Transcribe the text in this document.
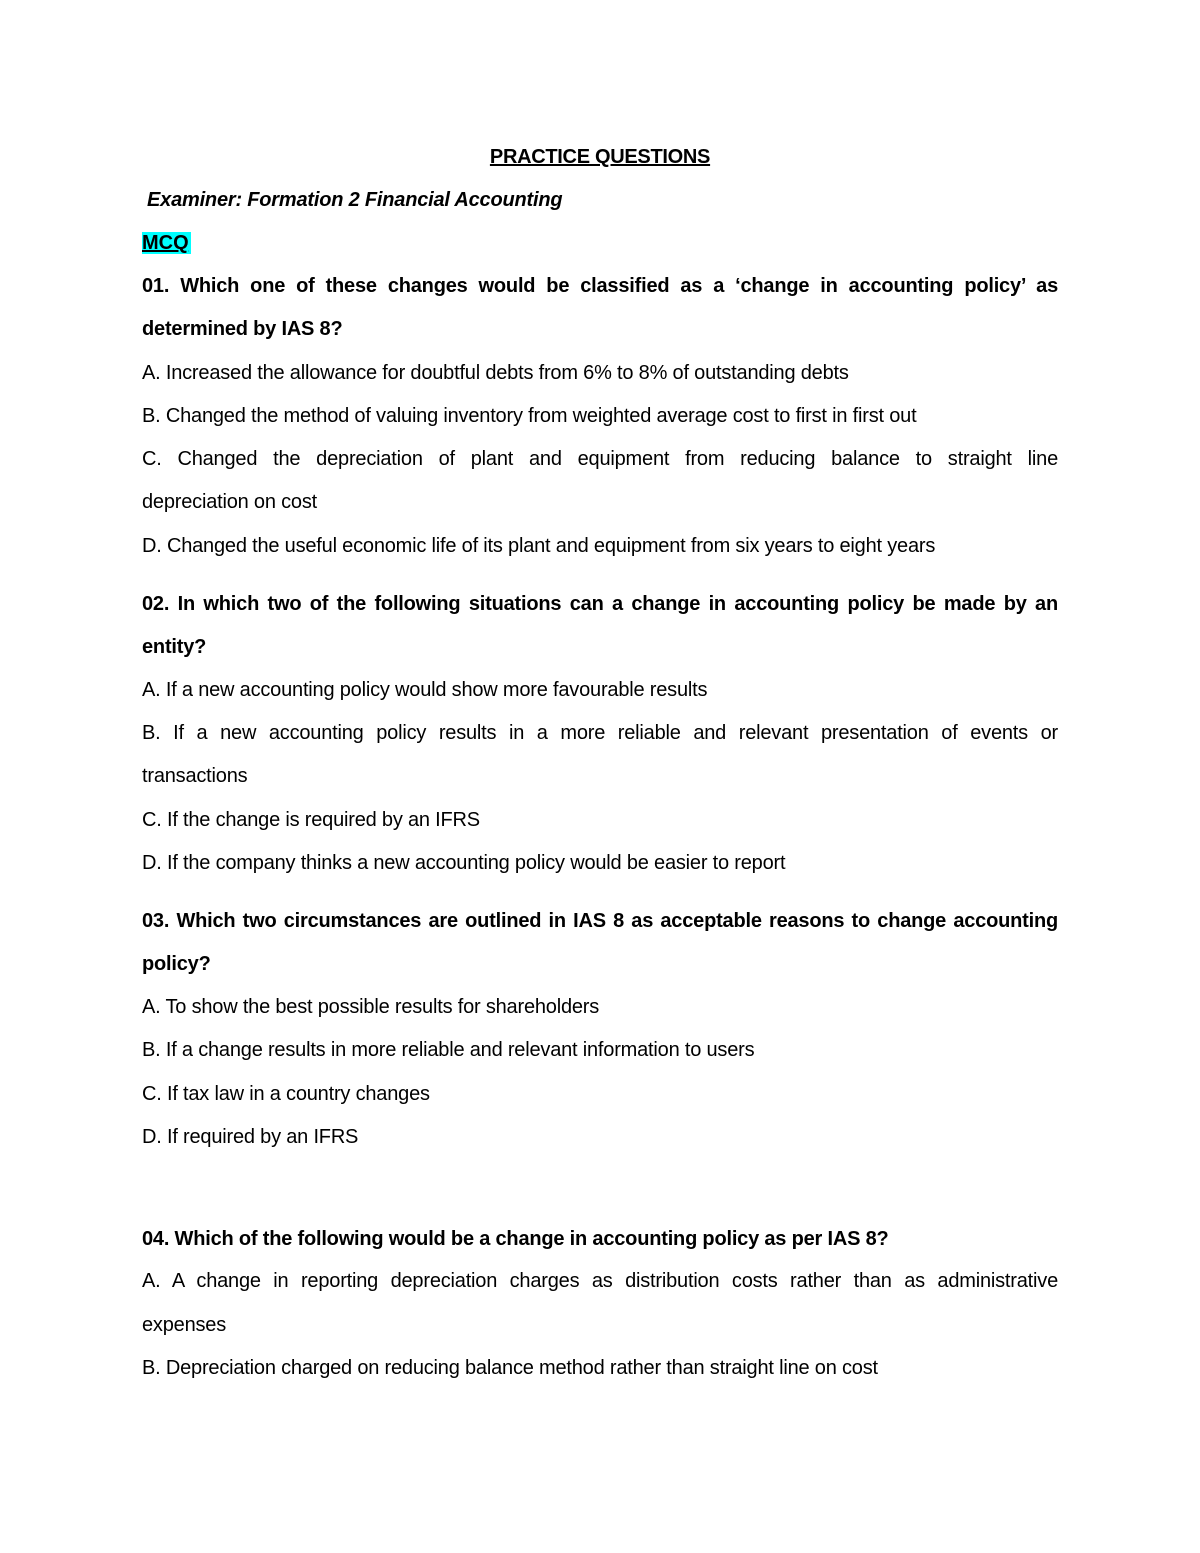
PRACTICE QUESTIONS
Examiner: Formation 2 Financial Accounting
MCQ
01. Which one of these changes would be classified as a ‘change in accounting policy’ as
determined by IAS 8?
A. Increased the allowance for doubtful debts from 6% to 8% of outstanding debts
B. Changed the method of valuing inventory from weighted average cost to first in first out
C. Changed the depreciation of plant and equipment from reducing balance to straight line
depreciation on cost
D. Changed the useful economic life of its plant and equipment from six years to eight years
02. In which two of the following situations can a change in accounting policy be made by an
entity?
A. If a new accounting policy would show more favourable results
B. If a new accounting policy results in a more reliable and relevant presentation of events or
transactions
C. If the change is required by an IFRS
D. If the company thinks a new accounting policy would be easier to report
03. Which two circumstances are outlined in IAS 8 as acceptable reasons to change accounting
policy?
A. To show the best possible results for shareholders
B. If a change results in more reliable and relevant information to users
C. If tax law in a country changes
D. If required by an IFRS
04. Which of the following would be a change in accounting policy as per IAS 8?
A. A change in reporting depreciation charges as distribution costs rather than as administrative
expenses
B. Depreciation charged on reducing balance method rather than straight line on cost
